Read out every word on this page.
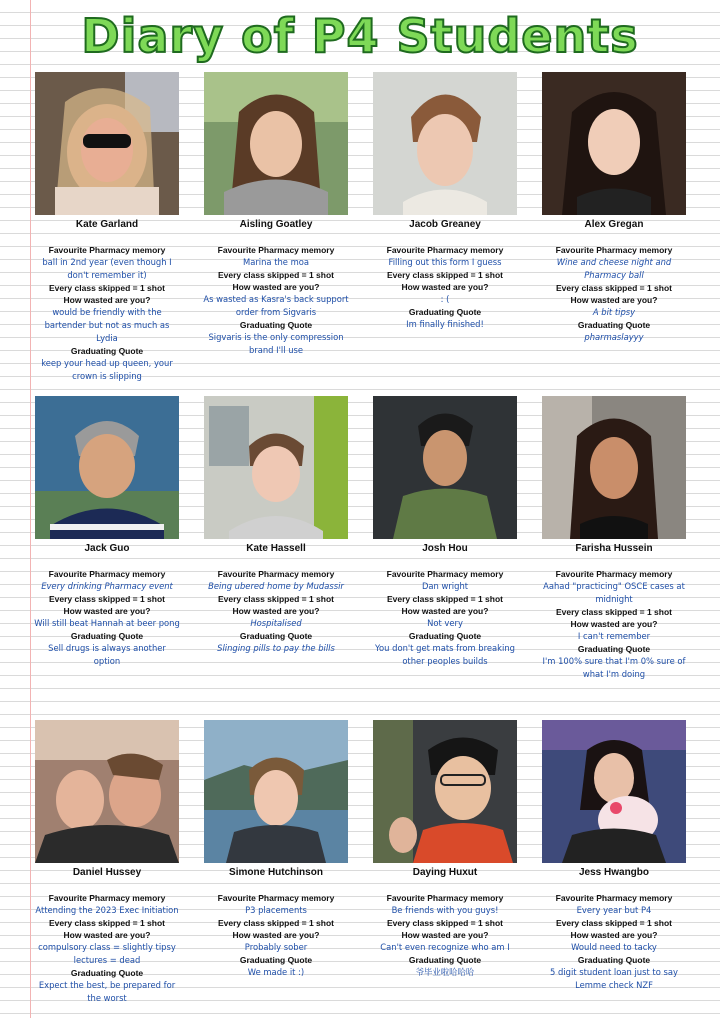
Diary of P4 Students
Kate Garland
Favourite Pharmacy memory
ball in 2nd year (even though I don't remember it)
Every class skipped = 1 shot
How wasted are you?
would be friendly with the bartender but not as much as Lydia
Graduating Quote
keep your head up queen, your crown is slipping
Aisling Goatley
Favourite Pharmacy memory
Marina the moa
Every class skipped = 1 shot
How wasted are you?
As wasted as Kasra's back support order from Sigvaris
Graduating Quote
Sigvaris is the only compression brand I'll use
Jacob Greaney
Favourite Pharmacy memory
Filling out this form I guess
Every class skipped = 1 shot
How wasted are you?
: (
Graduating Quote
Im finally finished!
Alex Gregan
Favourite Pharmacy memory
Wine and cheese night and Pharmacy ball
Every class skipped = 1 shot
How wasted are you?
A bit tipsy
Graduating Quote
pharmaslayyy
Jack Guo
Favourite Pharmacy memory
Every drinking Pharmacy event
Every class skipped = 1 shot
How wasted are you?
Will still beat Hannah at beer pong
Graduating Quote
Sell drugs is always another option
Kate Hassell
Favourite Pharmacy memory
Being ubered home by Mudassir
Every class skipped = 1 shot
How wasted are you?
Hospitalised
Graduating Quote
Slinging pills to pay the bills
Josh Hou
Favourite Pharmacy memory
Dan wright
Every class skipped = 1 shot
How wasted are you?
Not very
Graduating Quote
You don't get mats from breaking other peoples builds
Farisha Hussein
Favourite Pharmacy memory
Aahad "practicing" OSCE cases at midnight
Every class skipped = 1 shot
How wasted are you?
I can't remember
Graduating Quote
I'm 100% sure that I'm 0% sure of what I'm doing
Daniel Hussey
Favourite Pharmacy memory
Attending the 2023 Exec Initiation
Every class skipped = 1 shot
How wasted are you?
compulsory class = slightly tipsy lectures = dead
Graduating Quote
Expect the best, be prepared for the worst
Simone Hutchinson
Favourite Pharmacy memory
P3 placements
Every class skipped = 1 shot
How wasted are you?
Probably sober
Graduating Quote
We made it :)
Daying Huxut
Favourite Pharmacy memory
Be friends with you guys!
Every class skipped = 1 shot
How wasted are you?
Can't even recognize who am I
Graduating Quote
爷毕业啦哈哈哈
Jess Hwangbo
Favourite Pharmacy memory
Every year but P4
Every class skipped = 1 shot
How wasted are you?
Would need to tacky
Graduating Quote
5 digit student loan just to say Lemme check NZF
